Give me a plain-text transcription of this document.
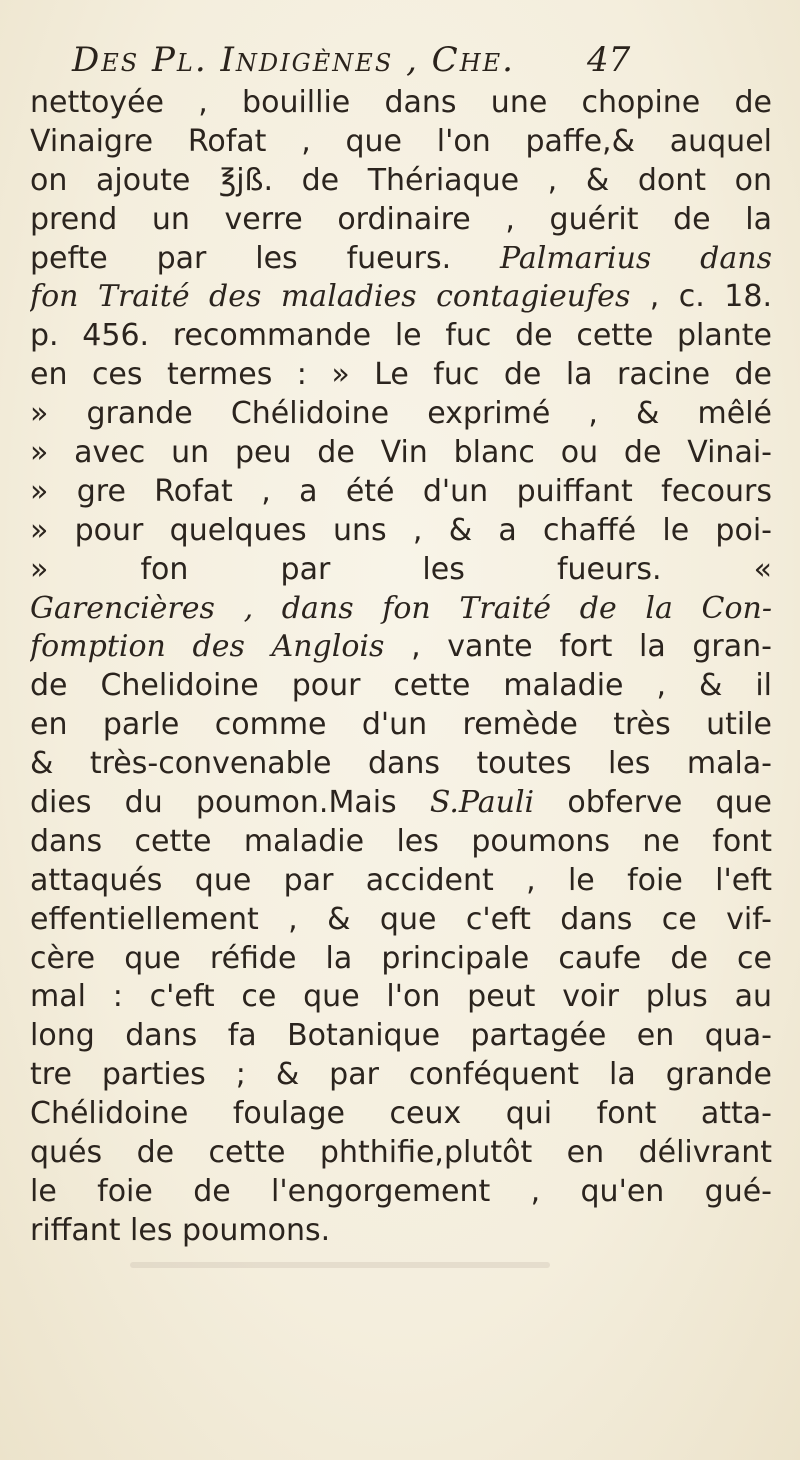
Des Pl. Indigènes , Che. 47
nettoyée , bouillie dans une chopine de
Vinaigre Rofat , que l'on paffe,& auquel
on ajoute ℥jß. de Thériaque , & dont on
prend un verre ordinaire , guérit de la
pefte par les fueurs. Palmarius dans
fon Traité des maladies contagieufes , c. 18.
p. 456. recommande le fuc de cette plante
en ces termes : » Le fuc de la racine de
» grande Chélidoine exprimé , & mêlé
» avec un peu de Vin blanc ou de Vinai-
» gre Rofat , a été d'un puiffant fecours
» pour quelques uns , & a chaffé le poi-
» fon par les fueurs. «
Garencières , dans fon Traité de la Con-
fomption des Anglois , vante fort la gran-
de Chelidoine pour cette maladie , & il
en parle comme d'un remède très utile
& très-convenable dans toutes les mala-
dies du poumon.Mais S.Pauli obferve que
dans cette maladie les poumons ne font
attaqués que par accident , le foie l'eft
effentiellement , & que c'eft dans ce vif-
cère que réfide la principale caufe de ce
mal : c'eft ce que l'on peut voir plus au
long dans fa Botanique partagée en qua-
tre parties ; & par conféquent la grande
Chélidoine foulage ceux qui font atta-
qués de cette phthifie,plutôt en délivrant
le foie de l'engorgement , qu'en gué-
riffant les poumons.
